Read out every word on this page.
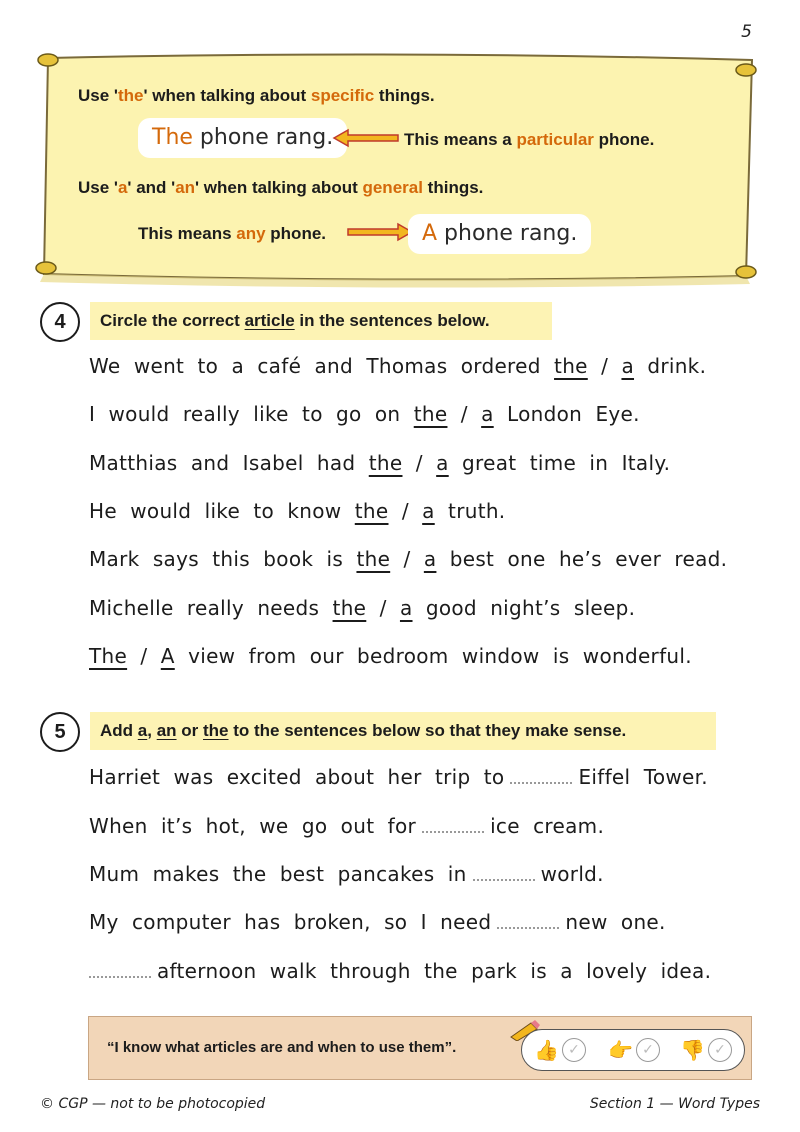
5
Use 'the' when talking about specific things.
The phone rang.	This means a particular phone.
Use 'a' and 'an' when talking about general things.
This means any phone.	A phone rang.
4	Circle the correct article in the sentences below.
We  went  to  a  café  and  Thomas  ordered  the  /  a  drink.
I  would  really  like  to  go  on  the  /  a  London  Eye.
Matthias  and  Isabel  had  the  /  a  great  time  in  Italy.
He  would  like  to  know  the  /  a  truth.
Mark  says  this  book  is  the  /  a  best  one  he’s  ever  read.
Michelle  really  needs  the  /  a  good  night’s  sleep.
The  /  A  view  from  our  bedroom  window  is  wonderful.
5	Add a, an or the to the sentences below so that they make sense.
Harriet  was  excited  about  her  trip  to	Eiffel  Tower.
When  it’s  hot,  we  go  out  for	ice  cream.
Mum  makes  the  best  pancakes  in	world.
My  computer  has  broken,  so  I  need	new  one.
afternoon  walk  through  the  park  is  a  lovely  idea.
“I know what articles are and when to use them”.	👍 ✓	👉 ✓	👎 ✓
© CGP — not to be photocopied	Section 1 — Word Types
